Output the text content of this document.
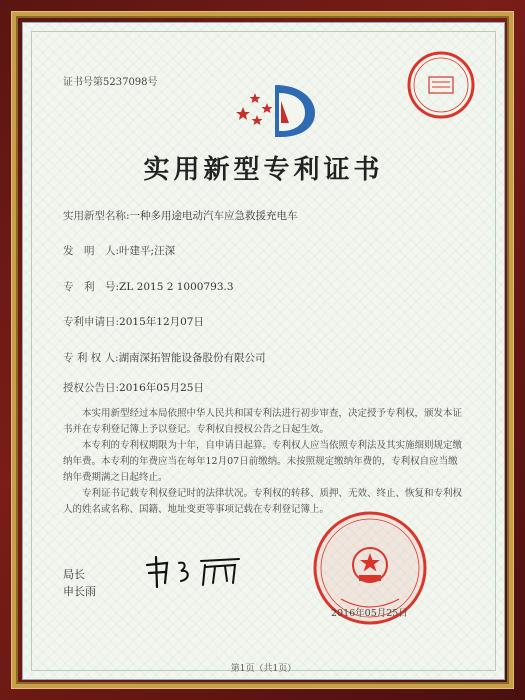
证书号第5237098号
实用新型专利证书
实用新型名称:一种多用途电动汽车应急救援充电车
发　明　人:叶建平;汪深
专　利　号:ZL 2015 2 1000793.3
专利申请日:2015年12月07日
专 利 权 人:湖南深拓智能设备股份有限公司
授权公告日:2016年05月25日
本实用新型经过本局依照中华人民共和国专利法进行初步审查，决定授予专利权，颁发本证书并在专利登记簿上予以登记。专利权自授权公告之日起生效。
本专利的专利权期限为十年，自申请日起算。专利权人应当依照专利法及其实施细则规定缴纳年费。本专利的年费应当在每年12月07日前缴纳。未按照规定缴纳年费的，专利权自应当缴纳年费期满之日起终止。
专利证书记载专利权登记时的法律状况。专利权的转移、质押、无效、终止、恢复和专利权人的姓名或名称、国籍、地址变更等事项记载在专利登记簿上。
局长
申长雨
2016年05月25日
第1页（共1页）
